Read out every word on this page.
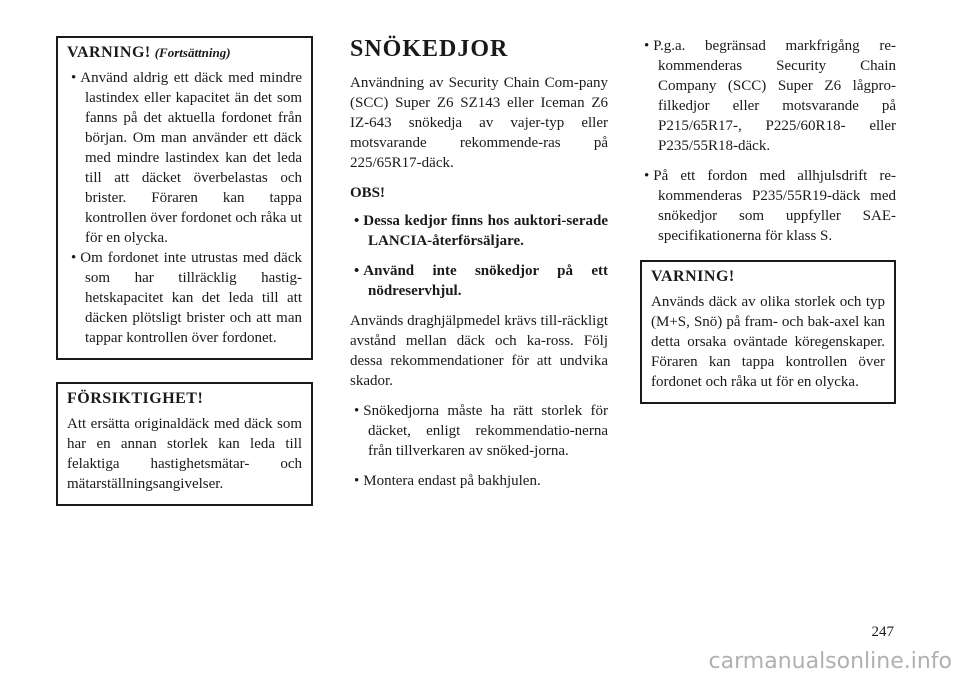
VARNING! (Fortsättning)
• Använd aldrig ett däck med mindre lastindex eller kapacitet än det som fanns på det aktuella fordonet från början. Om man använder ett däck med mindre lastindex kan det leda till att däcket överbelastas och brister. Föraren kan tappa kontrollen över fordonet och råka ut för en olycka.
• Om fordonet inte utrustas med däck som har tillräcklig hastig-hetskapacitet kan det leda till att däcken plötsligt brister och att man tappar kontrollen över fordonet.
FÖRSIKTIGHET!

Att ersätta originaldäck med däck som har en annan storlek kan leda till felaktiga hastighetsmätar- och mätarställningsangivelser.

SNÖKEDJOR

Användning av Security Chain Com-pany (SCC) Super Z6 SZ143 eller Iceman Z6 IZ-643 snökedja av vajer-typ eller motsvarande rekommende-ras på 225/65R17-däck.

OBS!

• Dessa kedjor finns hos auktori-serade LANCIA-återförsäljare.
• Använd inte snökedjor på ett nödreservhjul.

Används draghjälpmedel krävs till-räckligt avstånd mellan däck och ka-ross. Följ dessa rekommendationer för att undvika skador.

• Snökedjorna måste ha rätt storlek för däcket, enligt rekommendatio-nerna från tillverkaren av snöked-jorna.
• Montera endast på bakhjulen.
• P.g.a. begränsad markfrigång re-kommenderas Security Chain Company (SCC) Super Z6 lågpro-filkedjor eller motsvarande på P215/65R17-, P225/60R18- eller P235/55R18-däck.
• På ett fordon med allhjulsdrift re-kommenderas P235/55R19-däck med snökedjor som uppfyller SAE-specifikationerna för klass S.
VARNING!

Används däck av olika storlek och typ (M+S, Snö) på fram- och bak-axel kan detta orsaka oväntade köregenskaper. Föraren kan tappa kontrollen över fordonet och råka ut för en olycka.

247
carmanualsonline.info
